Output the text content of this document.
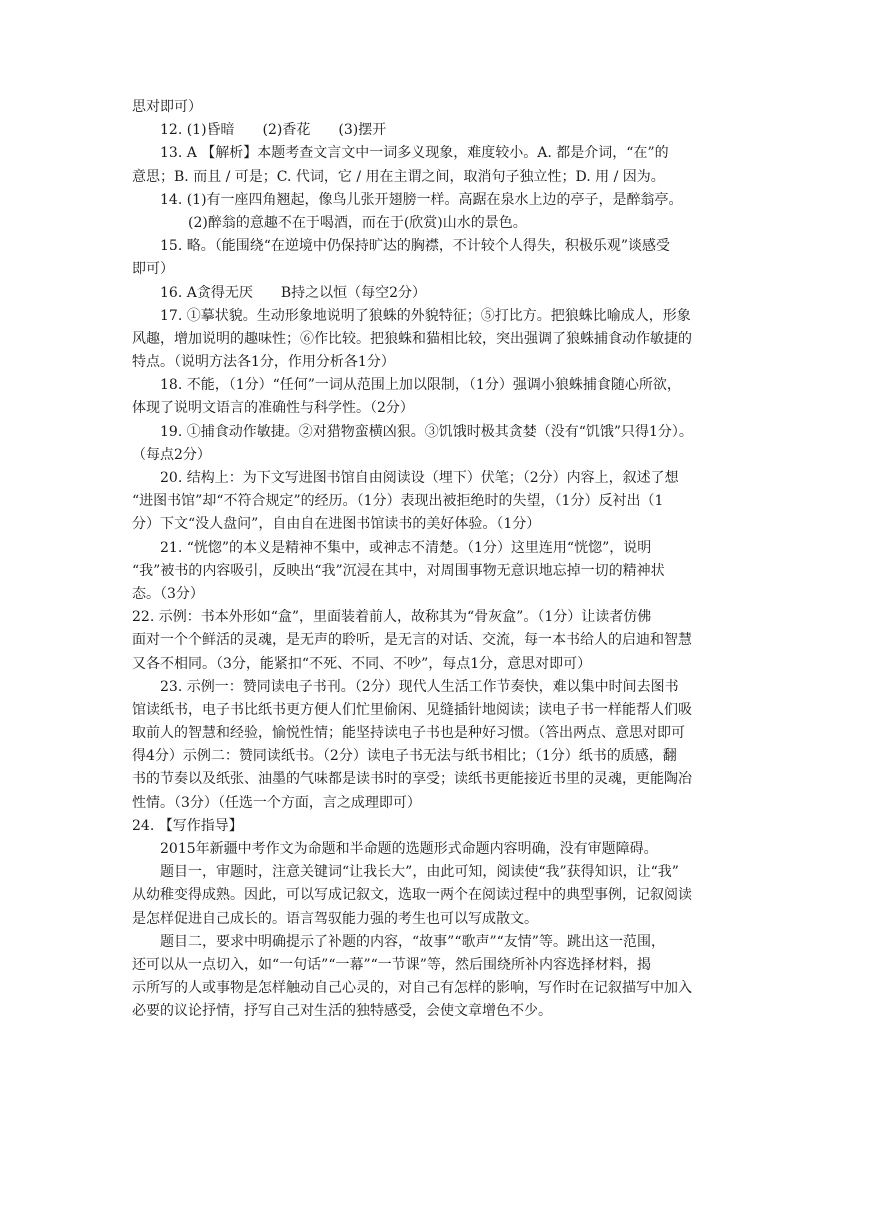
思对即可）
12. (1)昏暗　　(2)香花　　(3)摆开
13. A 【解析】本题考查文言文中一词多义现象，难度较小。A. 都是介词，“在”的
意思；B. 而且 / 可是；C. 代词，它 / 用在主谓之间，取消句子独立性；D. 用 / 因为。
14. (1)有一座四角翘起，像鸟儿张开翅膀一样。高踞在泉水上边的亭子，是醉翁亭。
(2)醉翁的意趣不在于喝酒，而在于(欣赏)山水的景色。
15. 略。（能围绕“在逆境中仍保持旷达的胸襟，不计较个人得失，积极乐观”谈感受
即可）
16. A贪得无厌　　B持之以恒（每空2分）
17. ①摹状貌。生动形象地说明了狼蛛的外貌特征；⑤打比方。把狼蛛比喻成人，形象
风趣，增加说明的趣味性；⑥作比较。把狼蛛和猫相比较，突出强调了狼蛛捕食动作敏捷的
特点。（说明方法各1分，作用分析各1分）
18. 不能，（1分）“任何”一词从范围上加以限制，（1分）强调小狼蛛捕食随心所欲，
体现了说明文语言的准确性与科学性。（2分）
19. ①捕食动作敏捷。②对猎物蛮横凶狠。③饥饿时极其贪婪（没有“饥饿”只得1分）。
（每点2分）
20. 结构上：为下文写进图书馆自由阅读设（埋下）伏笔；（2分）内容上，叙述了想
“进图书馆”却“不符合规定”的经历。（1分）表现出被拒绝时的失望，（1分）反衬出（1
分）下文“没人盘问”，自由自在进图书馆读书的美好体验。（1分）
21. “恍惚”的本义是精神不集中，或神志不清楚。（1分）这里连用“恍惚”，说明
“我”被书的内容吸引，反映出“我”沉浸在其中，对周围事物无意识地忘掉一切的精神状
态。（3分）
22. 示例：书本外形如“盒”，里面装着前人，故称其为“骨灰盒”。（1分）让读者仿佛
面对一个个鲜活的灵魂，是无声的聆听，是无言的对话、交流，每一本书给人的启迪和智慧
又各不相同。（3分，能紧扣“不死、不同、不吵”，每点1分，意思对即可）
23. 示例一：赞同读电子书刊。（2分）现代人生活工作节奏快，难以集中时间去图书
馆读纸书，电子书比纸书更方便人们忙里偷闲、见缝插针地阅读；读电子书一样能帮人们吸
取前人的智慧和经验，愉悦性情；能坚持读电子书也是种好习惯。（答出两点、意思对即可
得4分）示例二：赞同读纸书。（2分）读电子书无法与纸书相比；（1分）纸书的质感，翻
书的节奏以及纸张、油墨的气味都是读书时的享受；读纸书更能接近书里的灵魂，更能陶冶
性情。（3分）（任选一个方面，言之成理即可）
24. 【写作指导】
2015年新疆中考作文为命题和半命题的选题形式命题内容明确，没有审题障碍。
题目一，审题时，注意关键词“让我长大”，由此可知，阅读使“我”获得知识，让“我”
从幼稚变得成熟。因此，可以写成记叙文，选取一两个在阅读过程中的典型事例，记叙阅读
是怎样促进自己成长的。语言驾驭能力强的考生也可以写成散文。
题目二，要求中明确提示了补题的内容，“故事”“歌声”“友情”等。跳出这一范围，
还可以从一点切入，如“一句话”“一幕”“一节课”等，然后围绕所补内容选择材料，揭
示所写的人或事物是怎样触动自己心灵的，对自己有怎样的影响，写作时在记叙描写中加入
必要的议论抒情，抒写自己对生活的独特感受，会使文章增色不少。
